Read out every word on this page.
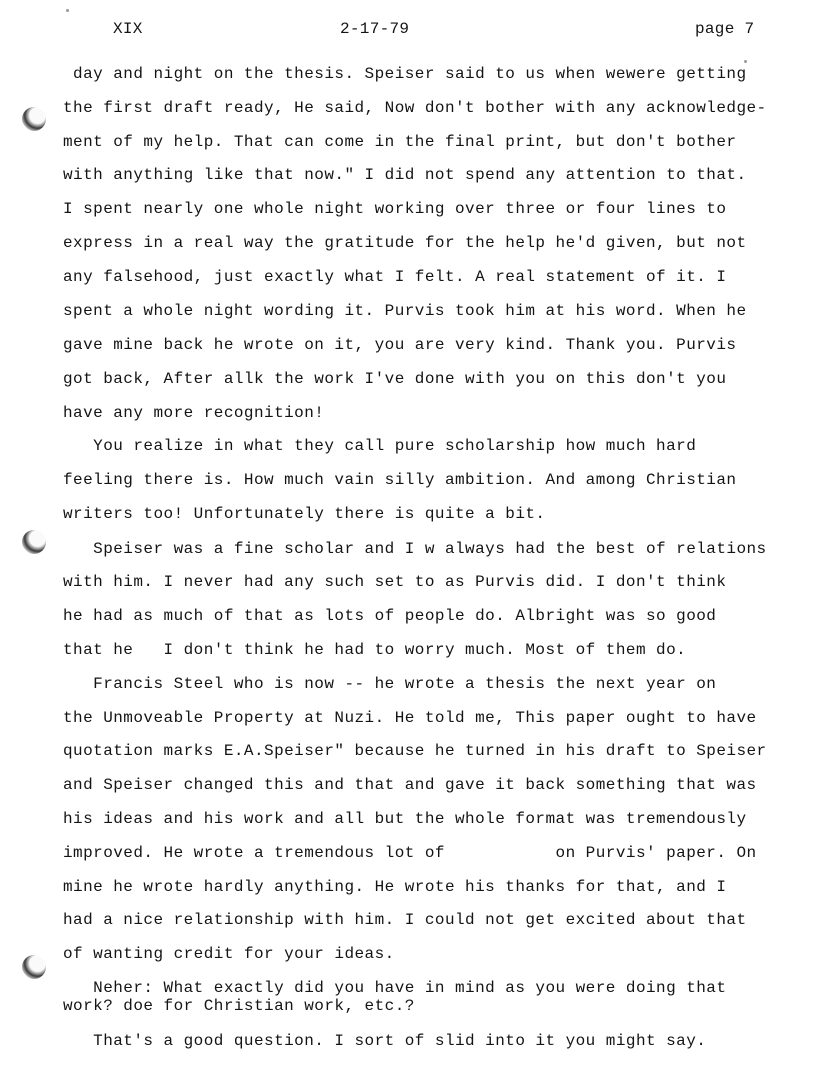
XIX	2-17-79	page 7
day and night on the thesis. Speiser said to us when wewere getting
the first draft ready, He said, Now don't bother with any acknowledge-
ment of my help. That can come in the final print, but don't bother
with anything like that now." I did not spend any attention to that.
I spent nearly one whole night working over three or four lines to
express in a real way the gratitude for the help he'd given, but not
any falsehood, just exactly what I felt. A real statement of it. I
spent a whole night wording it. Purvis took him at his word. When he
gave mine back he wrote on it, you are very kind. Thank you. Purvis
got back, After allk the work I've done with you on this don't you
have any more recognition!
You realize in what they call pure scholarship how much hard
feeling there is. How much vain silly ambition. And among Christian
writers too! Unfortunately there is quite a bit.
Speiser was a fine scholar and I w always had the best of relations
with him. I never had any such set to as Purvis did. I don't think
he had as much of that as lots of people do. Albright was so good
that he   I don't think he had to worry much. Most of them do.
Francis Steel who is now -- he wrote a thesis the next year on
the Unmoveable Property at Nuzi. He told me, This paper ought to have
quotation marks E.A.Speiser" because he turned in his draft to Speiser
and Speiser changed this and that and gave it back something that was
his ideas and his work and all but the whole format was tremendously
improved. He wrote a tremendous lot of           on Purvis' paper. On
mine he wrote hardly anything. He wrote his thanks for that, and I
had a nice relationship with him. I could not get excited about that
of wanting credit for your ideas.
Neher: What exactly did you have in mind as you were doing that
work? doe for Christian work, etc.?
That's a good question. I sort of slid into it you might say.
